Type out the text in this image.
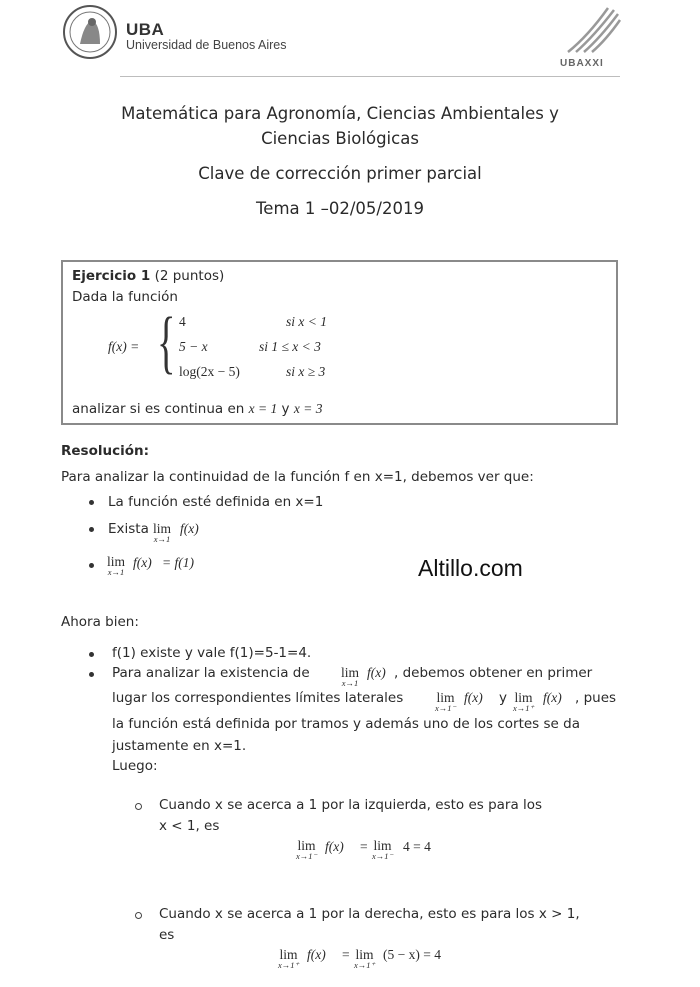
UBA
Universidad de Buenos Aires
UBAXXI
Matemática para Agronomía, Ciencias Ambientales y
Ciencias Biológicas
Clave de corrección primer parcial
Tema 1 –02/05/2019
Ejercicio 1 (2 puntos)
Dada la función
f(x) = { 4	si x < 1
5 − x	si 1 ≤ x < 3
log(2x − 5)	si x ≥ 3
analizar si es continua en x = 1 y x = 3
Resolución:
Para analizar la continuidad de la función f en x=1, debemos ver que:
La función esté definida en x=1
Exista lim
x→1
f(x)
lim
x→1
f(x) = f(1)	Altillo.com
Ahora bien:
f(1) existe y vale f(1)=5-1=4.
Para analizar la existencia de lim
x→1
f(x) , debemos obtener en primer
lugar los correspondientes límites laterales lim
x→1⁻
f(x) y lim
x→1⁺
f(x) , pues
la función está definida por tramos y además uno de los cortes se da
justamente en x=1.
Luego:
Cuando x se acerca a 1 por la izquierda, esto es para los
x < 1, es
lim
x→1⁻
f(x) = lim
x→1⁻
4 = 4
Cuando x se acerca a 1 por la derecha, esto es para los x > 1,
es
lim
x→1⁺
f(x) = lim
x→1⁺
(5 − x) = 4
